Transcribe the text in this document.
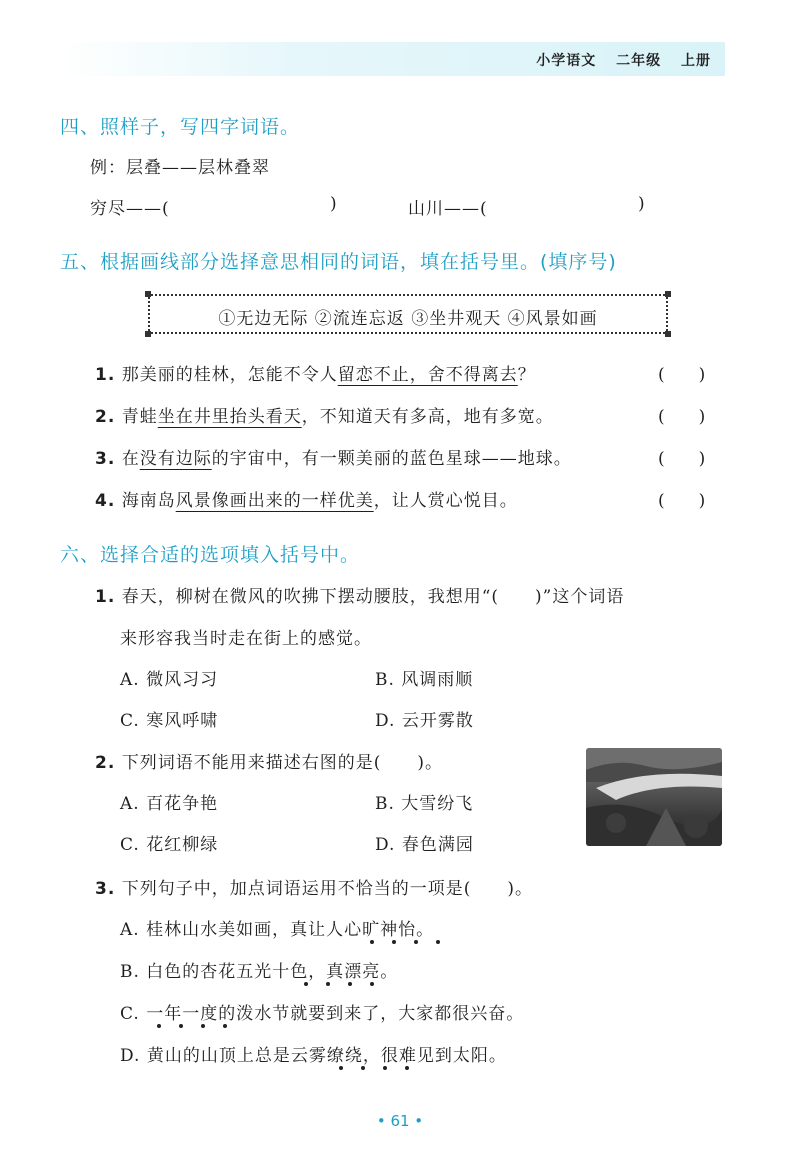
小学语文 二年级 上册
四、照样子，写四字词语。
例：层叠——层林叠翠
穷尽——(	)	山川——(	)
五、根据画线部分选择意思相同的词语，填在括号里。(填序号)
①无边无际 ②流连忘返 ③坐井观天 ④风景如画
1. 那美丽的桂林，怎能不令人留恋不止，舍不得离去？	(　　)
2. 青蛙坐在井里抬头看天，不知道天有多高，地有多宽。	(　　)
3. 在没有边际的宇宙中，有一颗美丽的蓝色星球——地球。	(　　)
4. 海南岛风景像画出来的一样优美，让人赏心悦目。	(　　)
六、选择合适的选项填入括号中。
1. 春天，柳树在微风的吹拂下摆动腰肢，我想用“(　　)”这个词语
来形容我当时走在街上的感觉。
A. 微风习习	B. 风调雨顺
C. 寒风呼啸	D. 云开雾散
2. 下列词语不能用来描述右图的是(　　)。
A. 百花争艳	B. 大雪纷飞
C. 花红柳绿	D. 春色满园
3. 下列句子中，加点词语运用不恰当的一项是(　　)。
A. 桂林山水美如画，真让人心旷神怡。
B. 白色的杏花五光十色，真漂亮。
C. 一年一度的泼水节就要到来了，大家都很兴奋。
D. 黄山的山顶上总是云雾缭绕，很难见到太阳。
• 61 •
